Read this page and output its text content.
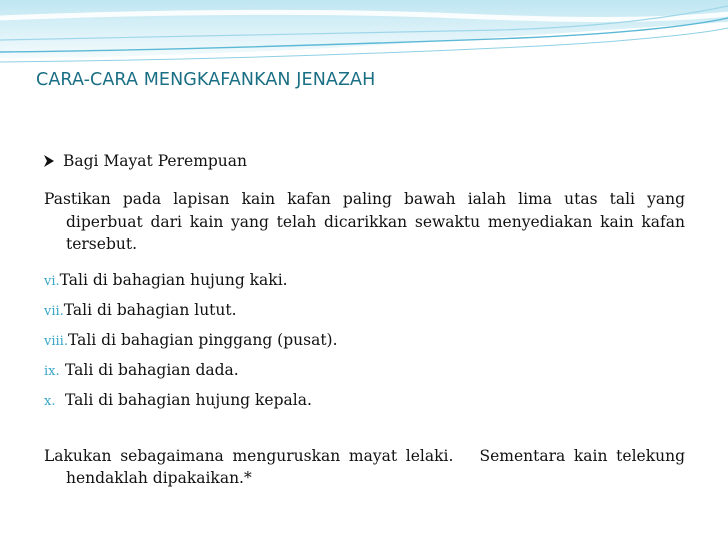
CARA-CARA MENGKAFANKAN JENAZAH
Bagi Mayat Perempuan
Pastikan pada lapisan kain kafan paling bawah ialah lima utas tali yang diperbuat dari kain yang telah dicarikkan sewaktu menyediakan kain kafan tersebut.
vi.Tali di bahagian hujung kaki.
vii.Tali di bahagian lutut.
viii.Tali di bahagian pinggang (pusat).
ix. Tali di bahagian dada.
x. Tali di bahagian hujung kepala.
Lakukan sebagaimana menguruskan mayat lelaki.   Sementara kain telekung hendaklah dipakaikan.*
